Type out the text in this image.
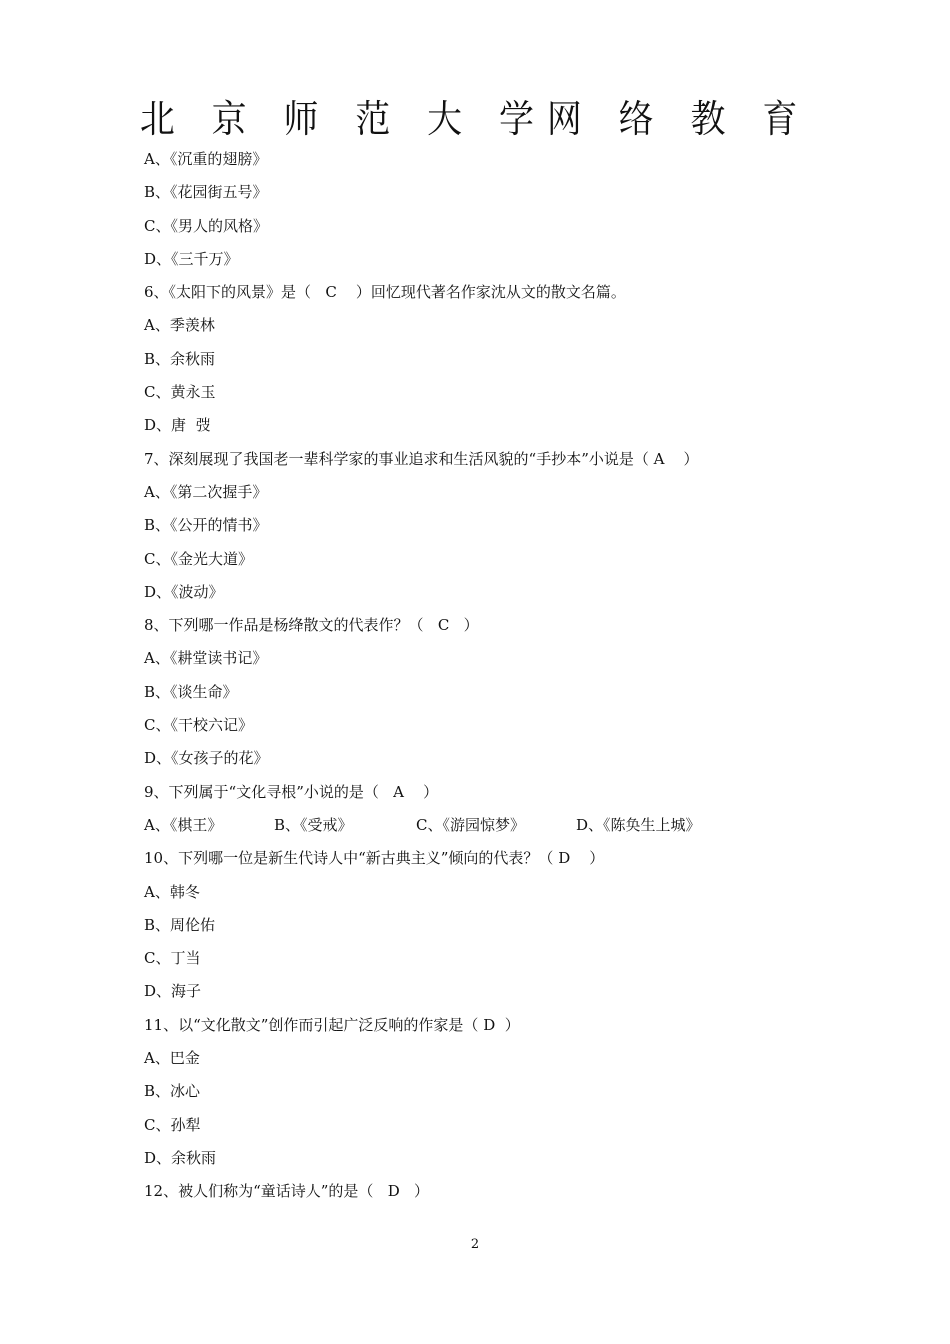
北 京 师 范 大 学网 络 教 育
A、《沉重的翅膀》
B、《花园街五号》
C、《男人的风格》
D、《三千万》
6、《太阳下的风景》是（   C    ）回忆现代著名作家沈从文的散文名篇。
A、季羡林
B、余秋雨
C、黄永玉
D、唐  弢
7、深刻展现了我国老一辈科学家的事业追求和生活风貌的“手抄本”小说是（ A    ）
A、《第二次握手》
B、《公开的情书》
C、《金光大道》
D、《波动》
8、下列哪一作品是杨绛散文的代表作？（   C   ）
A、《耕堂读书记》
B、《谈生命》
C、《干校六记》
D、《女孩子的花》
9、下列属于“文化寻根”小说的是（   A    ）
A、《棋王》	B、《受戒》	C、《游园惊梦》	D、《陈奂生上城》
10、下列哪一位是新生代诗人中“新古典主义”倾向的代表？（ D    ）
A、韩冬
B、周伦佑
C、丁当
D、海子
11、以“文化散文”创作而引起广泛反响的作家是（ D  ）
A、巴金
B、冰心
C、孙犁
D、余秋雨
12、被人们称为“童话诗人”的是（   D   ）
2
